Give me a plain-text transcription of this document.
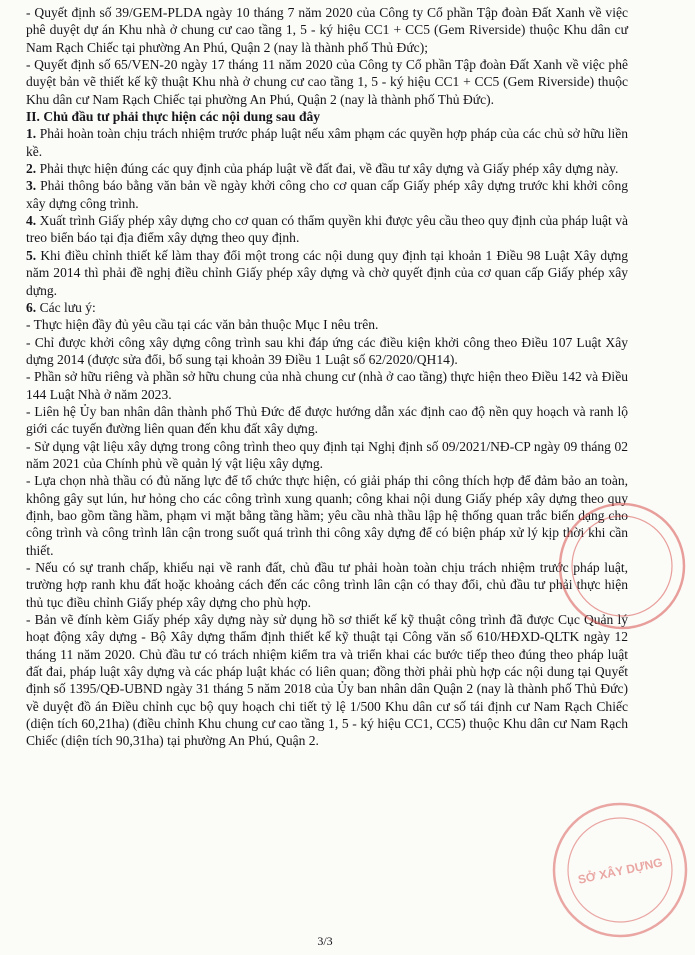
- Quyết định số 39/GEM-PLDA ngày 10 tháng 7 năm 2020 của Công ty Cổ phần Tập đoàn Đất Xanh về việc phê duyệt dự án Khu nhà ở chung cư cao tầng 1, 5 - ký hiệu CC1 + CC5 (Gem Riverside) thuộc Khu dân cư Nam Rạch Chiếc tại phường An Phú, Quận 2 (nay là thành phố Thủ Đức);

- Quyết định số 65/VEN-20 ngày 17 tháng 11 năm 2020 của Công ty Cổ phần Tập đoàn Đất Xanh về việc phê duyệt bản vẽ thiết kế kỹ thuật Khu nhà ở chung cư cao tầng 1, 5 - ký hiệu CC1 + CC5 (Gem Riverside) thuộc Khu dân cư Nam Rạch Chiếc tại phường An Phú, Quận 2 (nay là thành phố Thủ Đức).

II. Chủ đầu tư phải thực hiện các nội dung sau đây

1. Phải hoàn toàn chịu trách nhiệm trước pháp luật nếu xâm phạm các quyền hợp pháp của các chủ sở hữu liền kề.

2. Phải thực hiện đúng các quy định của pháp luật về đất đai, về đầu tư xây dựng và Giấy phép xây dựng này.

3. Phải thông báo bằng văn bản về ngày khởi công cho cơ quan cấp Giấy phép xây dựng trước khi khởi công xây dựng công trình.

4. Xuất trình Giấy phép xây dựng cho cơ quan có thẩm quyền khi được yêu cầu theo quy định của pháp luật và treo biển báo tại địa điểm xây dựng theo quy định.

5. Khi điều chỉnh thiết kế làm thay đổi một trong các nội dung quy định tại khoản 1 Điều 98 Luật Xây dựng năm 2014 thì phải đề nghị điều chỉnh Giấy phép xây dựng và chờ quyết định của cơ quan cấp Giấy phép xây dựng.

6. Các lưu ý:

- Thực hiện đầy đủ yêu cầu tại các văn bản thuộc Mục I nêu trên.

- Chỉ được khởi công xây dựng công trình sau khi đáp ứng các điều kiện khởi công theo Điều 107 Luật Xây dựng 2014 (được sửa đổi, bổ sung tại khoản 39 Điều 1 Luật số 62/2020/QH14).

- Phần sở hữu riêng và phần sở hữu chung của nhà chung cư (nhà ở cao tầng) thực hiện theo Điều 142 và Điều 144 Luật Nhà ở năm 2023.

- Liên hệ Ủy ban nhân dân thành phố Thủ Đức để được hướng dẫn xác định cao độ nền quy hoạch và ranh lộ giới các tuyến đường liên quan đến khu đất xây dựng.

- Sử dụng vật liệu xây dựng trong công trình theo quy định tại Nghị định số 09/2021/NĐ-CP ngày 09 tháng 02 năm 2021 của Chính phủ về quản lý vật liệu xây dựng.

- Lựa chọn nhà thầu có đủ năng lực để tổ chức thực hiện, có giải pháp thi công thích hợp để đảm bảo an toàn, không gây sụt lún, hư hỏng cho các công trình xung quanh; công khai nội dung Giấy phép xây dựng theo quy định, bao gồm tầng hầm, phạm vi mặt bằng tầng hầm; yêu cầu nhà thầu lập hệ thống quan trắc biến dạng cho công trình và công trình lân cận trong suốt quá trình thi công xây dựng để có biện pháp xử lý kịp thời khi cần thiết.

- Nếu có sự tranh chấp, khiếu nại về ranh đất, chủ đầu tư phải hoàn toàn chịu trách nhiệm trước pháp luật, trường hợp ranh khu đất hoặc khoảng cách đến các công trình lân cận có thay đổi, chủ đầu tư phải thực hiện thủ tục điều chỉnh Giấy phép xây dựng cho phù hợp.

- Bản vẽ đính kèm Giấy phép xây dựng này sử dụng hồ sơ thiết kế kỹ thuật công trình đã được Cục Quản lý hoạt động xây dựng - Bộ Xây dựng thẩm định thiết kế kỹ thuật tại Công văn số 610/HĐXD-QLTK ngày 12 tháng 11 năm 2020. Chủ đầu tư có trách nhiệm kiểm tra và triển khai các bước tiếp theo đúng theo pháp luật đất đai, pháp luật xây dựng và các pháp luật khác có liên quan; đồng thời phải phù hợp các nội dung tại Quyết định số 1395/QĐ-UBND ngày 31 tháng 5 năm 2018 của Ủy ban nhân dân Quận 2 (nay là thành phố Thủ Đức) về duyệt đồ án Điều chỉnh cục bộ quy hoạch chi tiết tỷ lệ 1/500 Khu dân cư số tái định cư Nam Rạch Chiếc (diện tích 60,21ha) (điều chỉnh Khu chung cư cao tầng 1, 5 - ký hiệu CC1, CC5) thuộc Khu dân cư Nam Rạch Chiếc (diện tích 90,31ha) tại phường An Phú, Quận 2.

3/3
SỞ XÂY DỰNG
